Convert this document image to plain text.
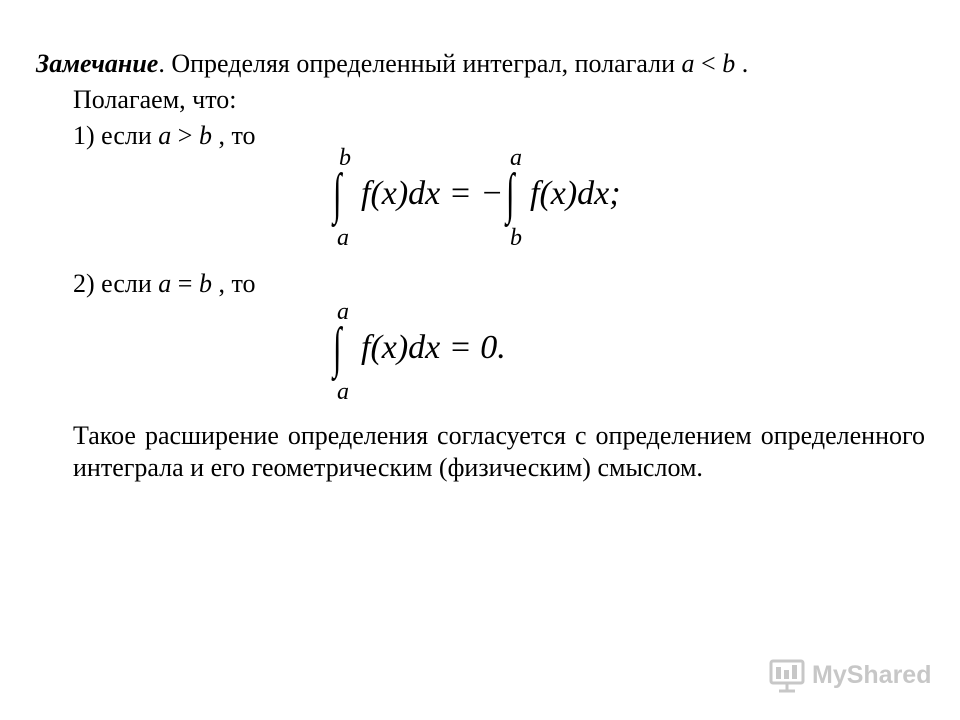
Замечание. Определяя определенный интеграл, полагали a < b .
Полагаем, что:
1) если a > b , то
b
∫
a
f(x)dx = −
a
∫
b
f(x)dx;
2) если a = b , то
a
∫
a
f(x)dx = 0.
Такое расширение определения согласуется с определением определенного интеграла и его геометрическим (физическим) смыслом.
MyShared
